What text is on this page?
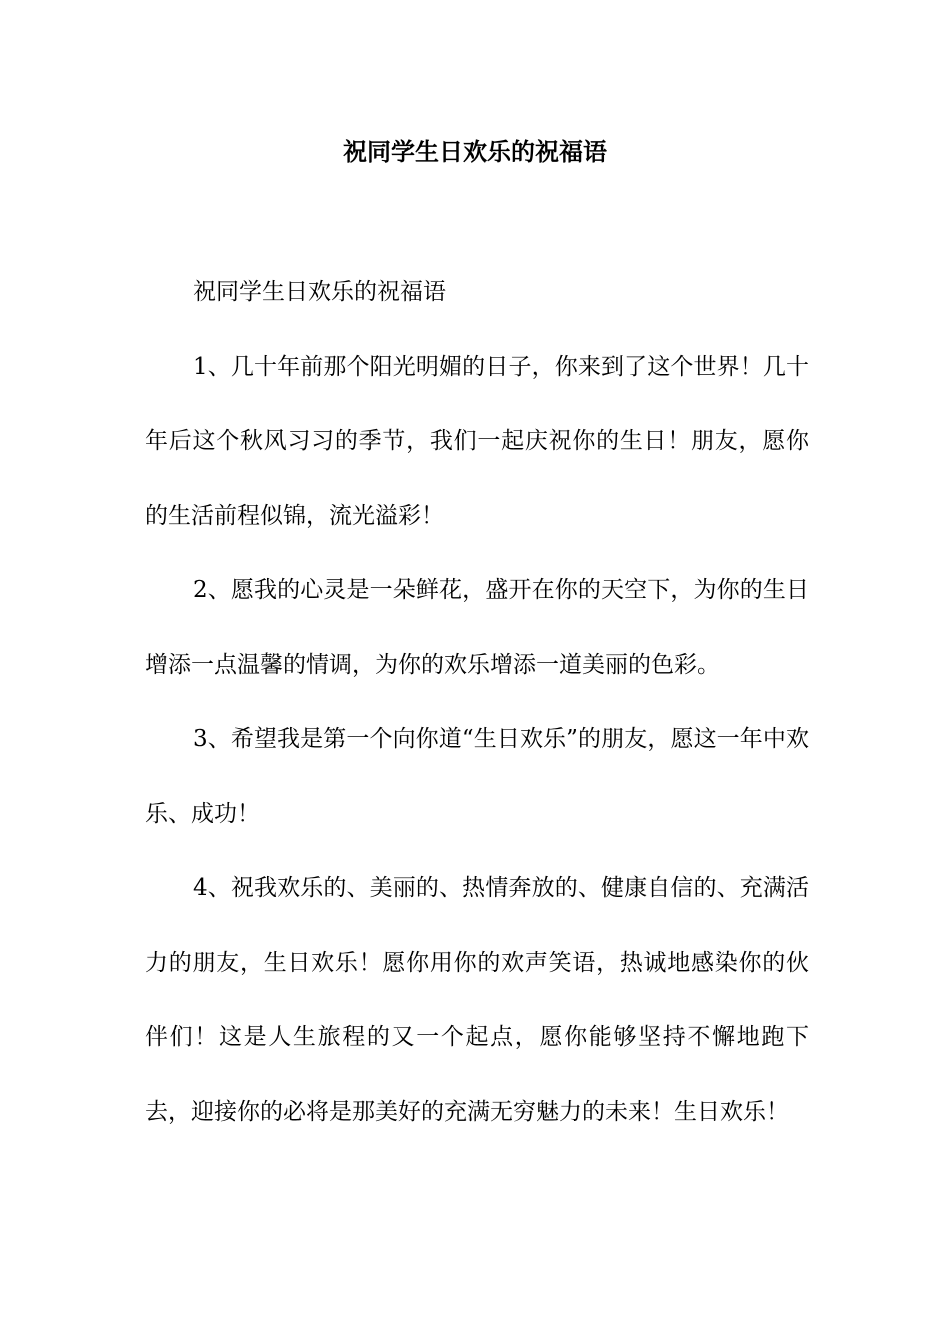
祝同学生日欢乐的祝福语

祝同学生日欢乐的祝福语

1、几十年前那个阳光明媚的日子，你来到了这个世界！几十年后这个秋风习习的季节，我们一起庆祝你的生日！朋友，愿你的生活前程似锦，流光溢彩！

2、愿我的心灵是一朵鲜花，盛开在你的天空下，为你的生日增添一点温馨的情调，为你的欢乐增添一道美丽的色彩。

3、希望我是第一个向你道“生日欢乐”的朋友，愿这一年中欢乐、成功！

4、祝我欢乐的、美丽的、热情奔放的、健康自信的、充满活力的朋友，生日欢乐！愿你用你的欢声笑语，热诚地感染你的伙伴们！这是人生旅程的又一个起点，愿你能够坚持不懈地跑下去，迎接你的必将是那美好的充满无穷魅力的未来！生日欢乐！
